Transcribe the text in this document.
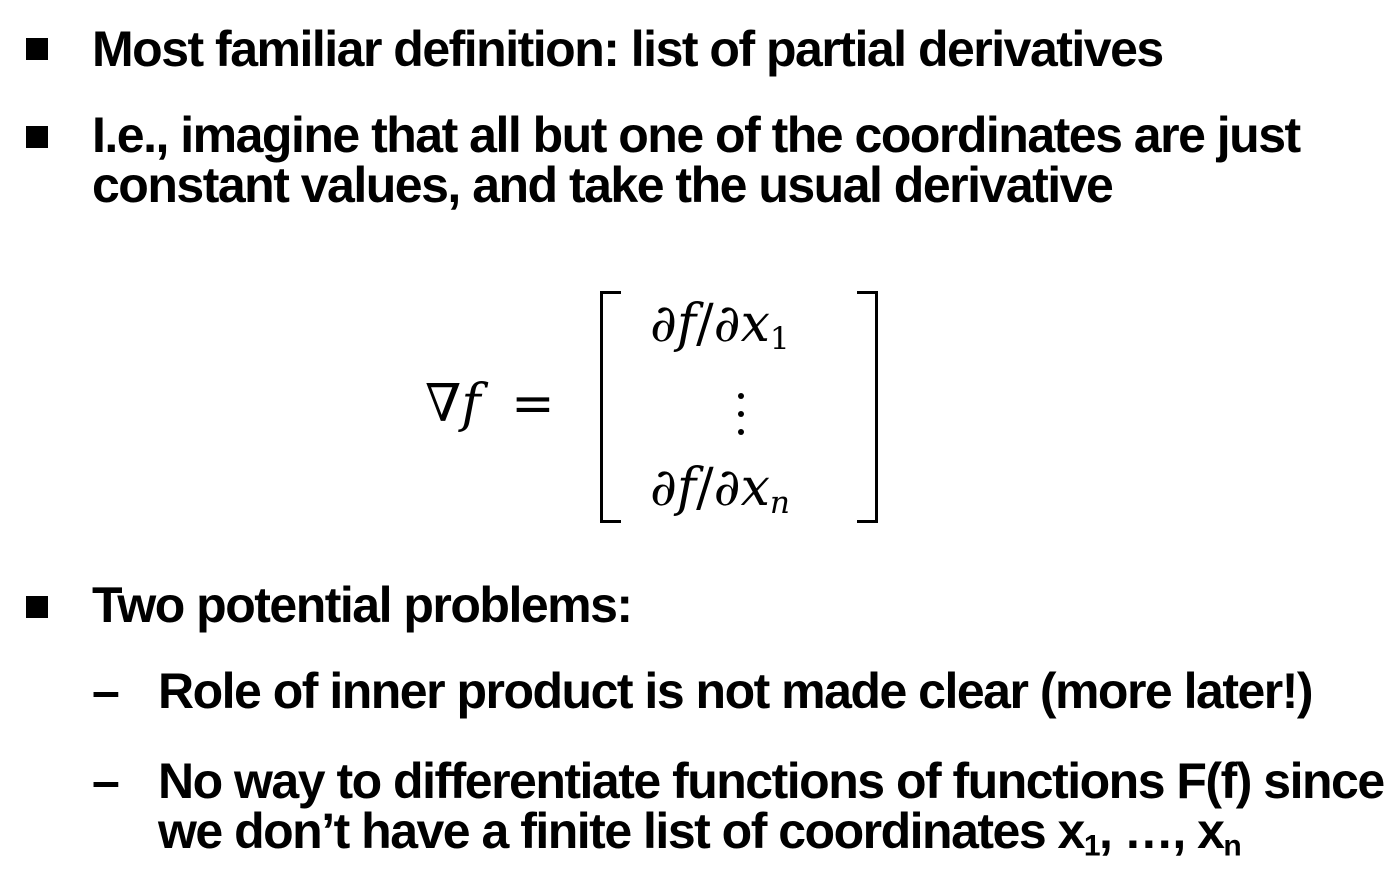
Most familiar definition: list of partial derivatives
I.e., imagine that all but one of the coordinates are just
constant values, and take the usual derivative
∇f =
$\partial f/\partial x_1$
$\partial f/\partial x_n$
Two potential problems:
– Role of inner product is not made clear (more later!)
– No way to differentiate functions of functions F(f) since
we don’t have a finite list of coordinates $x_1$, …, $x_n$
